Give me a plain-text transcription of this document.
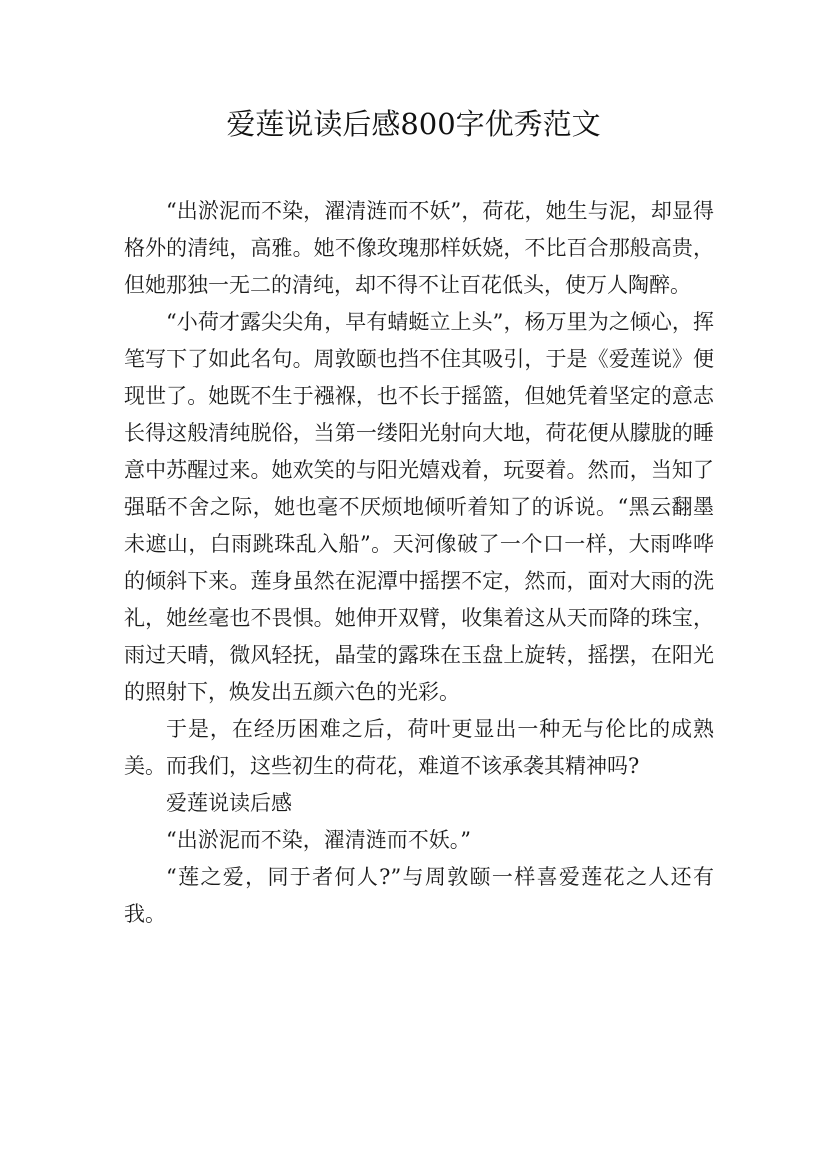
爱莲说读后感800字优秀范文

“出淤泥而不染，濯清涟而不妖”，荷花，她生与泥，却显得格外的清纯，高雅。她不像玫瑰那样妖娆，不比百合那般高贵，但她那独一无二的清纯，却不得不让百花低头，使万人陶醉。

“小荷才露尖尖角，早有蜻蜓立上头”，杨万里为之倾心，挥笔写下了如此名句。周敦颐也挡不住其吸引，于是《爱莲说》便现世了。她既不生于襁褓，也不长于摇篮，但她凭着坚定的意志长得这般清纯脱俗，当第一缕阳光射向大地，荷花便从朦胧的睡意中苏醒过来。她欢笑的与阳光嬉戏着，玩耍着。然而，当知了强聒不舍之际，她也毫不厌烦地倾听着知了的诉说。“黑云翻墨未遮山，白雨跳珠乱入船”。天河像破了一个口一样，大雨哗哗的倾斜下来。莲身虽然在泥潭中摇摆不定，然而，面对大雨的洗礼，她丝毫也不畏惧。她伸开双臂，收集着这从天而降的珠宝，雨过天晴，微风轻抚，晶莹的露珠在玉盘上旋转，摇摆，在阳光的照射下，焕发出五颜六色的光彩。

于是，在经历困难之后，荷叶更显出一种无与伦比的成熟美。而我们，这些初生的荷花，难道不该承袭其精神吗?

爱莲说读后感

“出淤泥而不染，濯清涟而不妖。”

“莲之爱，同于者何人?”与周敦颐一样喜爱莲花之人还有我。
